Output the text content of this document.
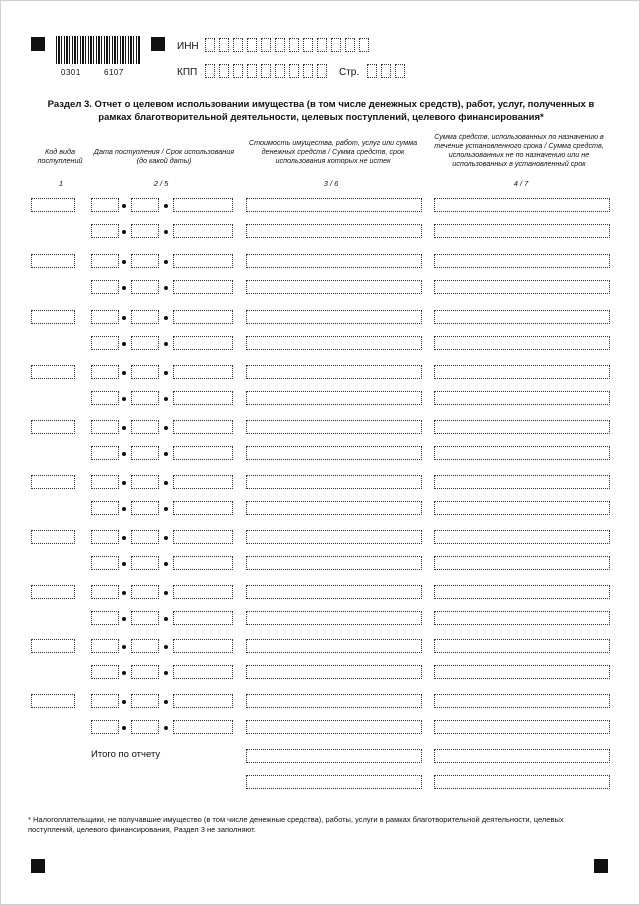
0301	6107
ИНН
КПП	Стр.
Раздел 3. Отчет о целевом использовании имущества (в том числе денежных средств), работ, услуг, полученных в рамках благотворительной деятельности, целевых поступлений, целевого финансирования*
Код вида поступлений
Дата поступления / Срок использования (до какой даты)
Стоимость имущества, работ, услуг или сумма денежных средств / Сумма средств, срок использования которых не истек
Сумма средств, использованных по назначению в течение установленного срока / Сумма средств, использованных не по назначению или не использованных в установленный срок
1	2 / 5	3 / 6	4 / 7
Итого по отчету
* Налогоплательщики, не получавшие имущество (в том числе денежные средства), работы, услуги в рамках благотворительной деятельности, целевых поступлений, целевого финансирования, Раздел 3 не заполняют.
